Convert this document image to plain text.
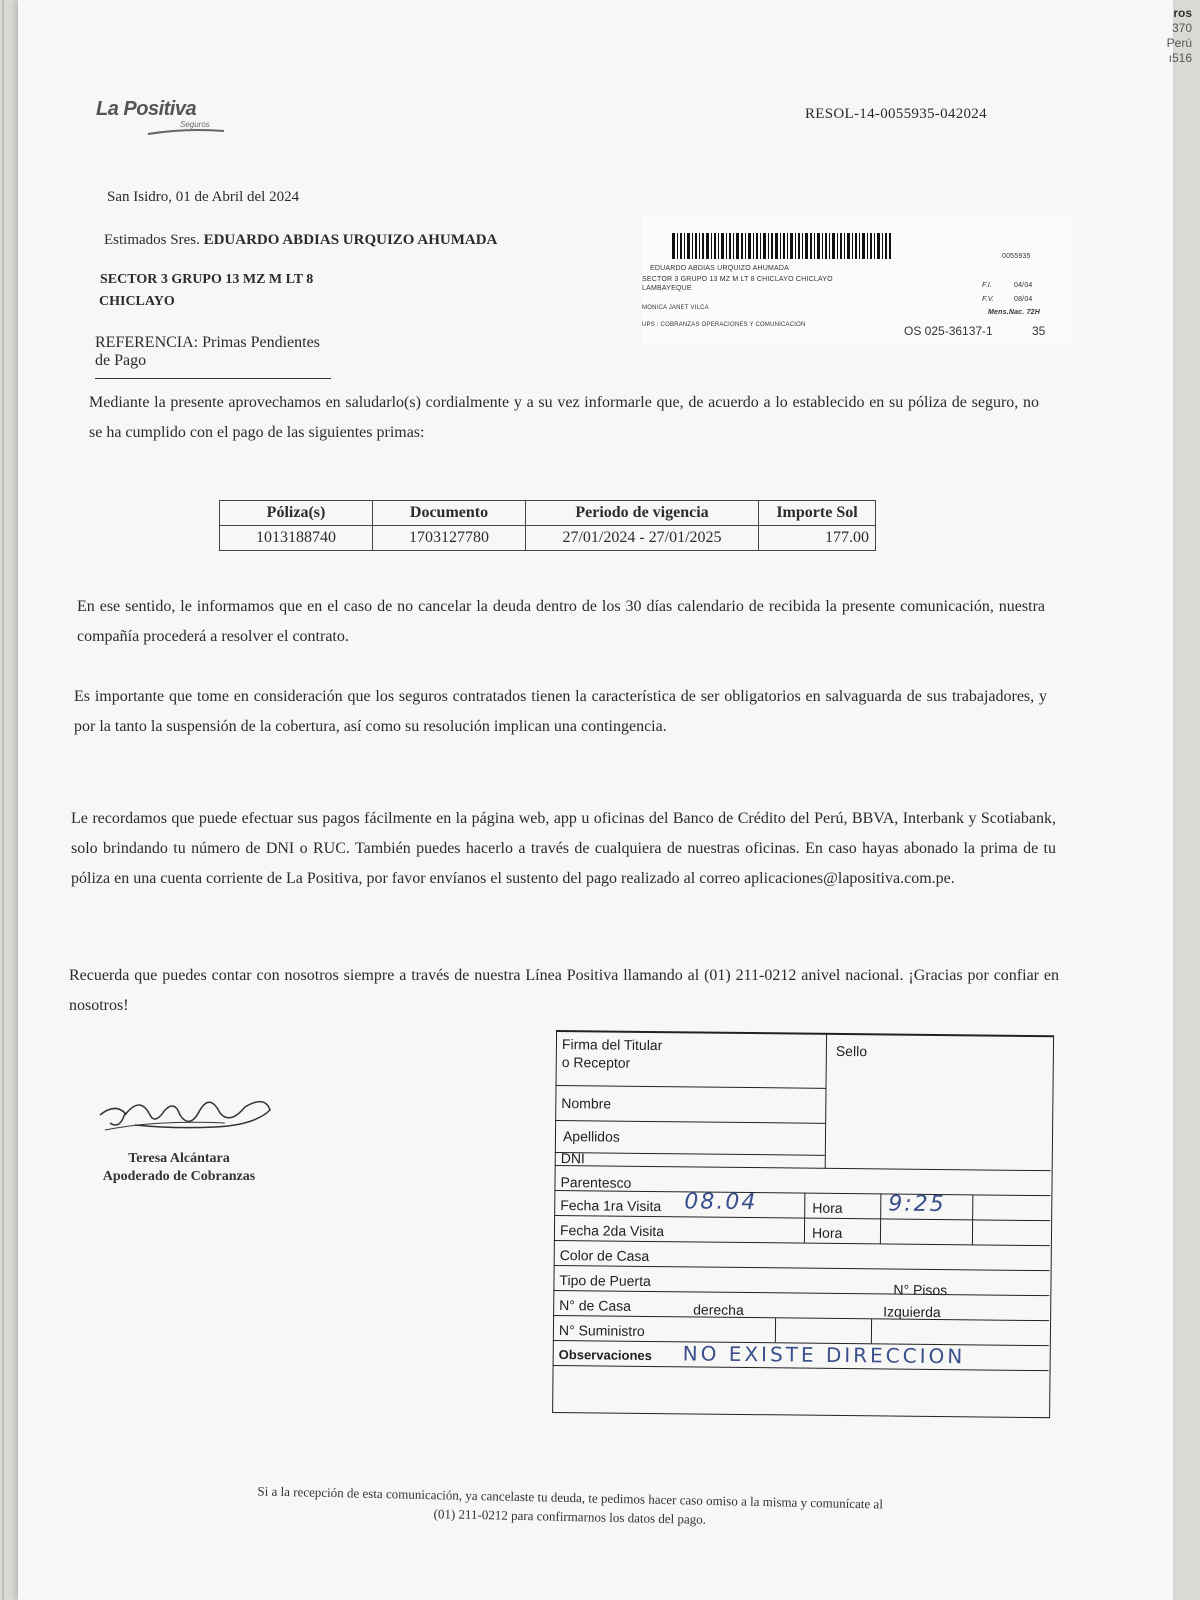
ros
370
Perú
ı516
La Positiva
Seguros
RESOL-14-0055935-042024
San Isidro, 01 de Abril del 2024
Estimados Sres. EDUARDO ABDIAS URQUIZO AHUMADA
SECTOR 3 GRUPO 13 MZ M LT 8
CHICLAYO
REFERENCIA: Primas Pendientes de Pago
0055935
EDUARDO ABDIAS URQUIZO AHUMADA
SECTOR 3 GRUPO 13 MZ M LT 8 CHICLAYO CHICLAYO
LAMBAYEQUE	F.I.	04/04
F.V.	08/04
Mens.Nac. 72H
MONICA JANET VILCA
UPS : COBRANZAS OPERACIONES Y COMUNICACION	OS 025-36137-1	35
Mediante la presente aprovechamos en saludarlo(s) cordialmente y a su vez informarle que, de acuerdo a lo establecido en su póliza de seguro, no se ha cumplido con el pago de las siguientes primas:
Póliza(s)	Documento	Periodo de vigencia	Importe Sol
1013188740	1703127780	27/01/2024 - 27/01/2025	177.00
En ese sentido, le informamos que en el caso de no cancelar la deuda dentro de los 30 días calendario de recibida la presente comunicación, nuestra compañía procederá a resolver el contrato.
Es importante que tome en consideración que los seguros contratados tienen la característica de ser obligatorios en salvaguarda de sus trabajadores, y por la tanto la suspensión de la cobertura, así como su resolución implican una contingencia.
Le recordamos que puede efectuar sus pagos fácilmente en la página web, app u oficinas del Banco de Crédito del Perú, BBVA, Interbank y Scotiabank, solo brindando tu número de DNI o RUC. También puedes hacerlo a través de cualquiera de nuestras oficinas. En caso hayas abonado la prima de tu póliza en una cuenta corriente de La Positiva, por favor envíanos el sustento del pago realizado al correo aplicaciones@lapositiva.com.pe.
Recuerda que puedes contar con nosotros siempre a través de nuestra Línea Positiva llamando al (01) 211-0212 anivel nacional. ¡Gracias por confiar en nosotros!
Teresa Alcántara
Apoderado de Cobranzas
Firma del Titular
o Receptor
Sello
Nombre
Apellidos
DNI
Parentesco
Fecha 1ra Visita 08.04	Hora 9:25
Fecha 2da Visita	Hora
Color de Casa
Tipo de Puerta
N° Pisos
N° de Casa	derecha	Izquierda
N° Suministro
Observaciones NO EXISTE DIRECCION
Si a la recepción de esta comunicación, ya cancelaste tu deuda, te pedimos hacer caso omiso a la misma y comunícate al
(01) 211-0212 para confirmarnos los datos del pago.
